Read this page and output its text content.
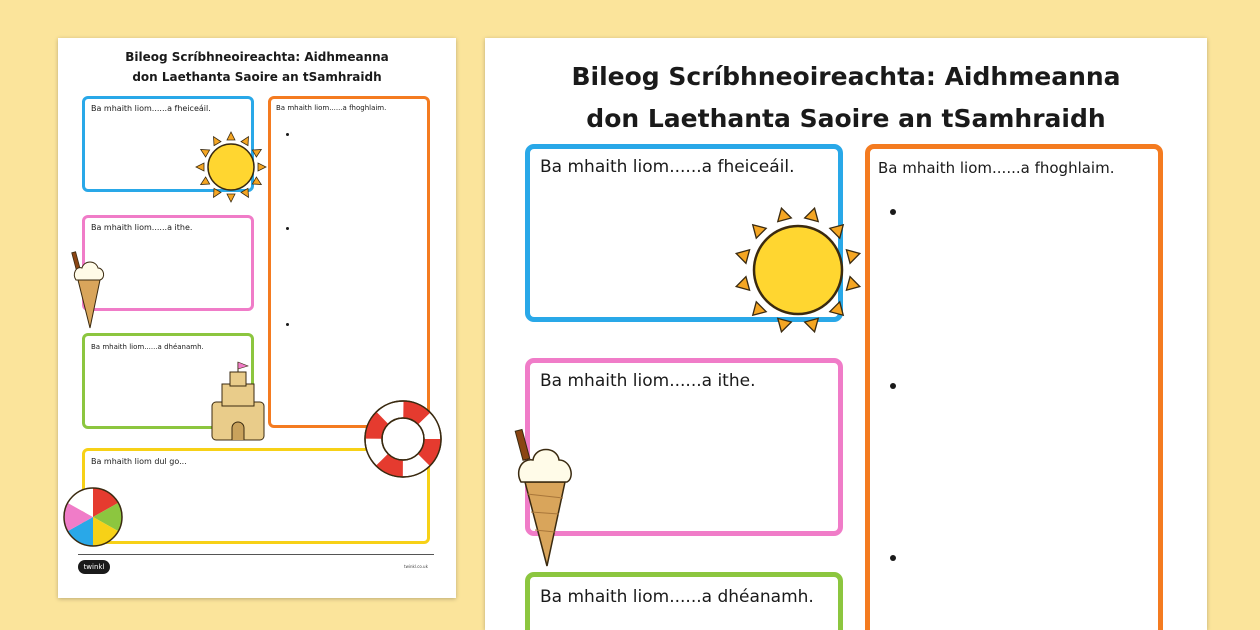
Bileog Scríbhneoireachta: Aidhmeanna
don Laethanta Saoire an tSamhraidh
Ba mhaith liom......a fheiceáil.	Ba mhaith liom......a fhoghlaim.
Ba mhaith liom......a ithe.
Ba mhaith liom......a dhéanamh.
Ba mhaith liom dul go...
twinkl	twinkl.co.uk
Bileog Scríbhneoireachta: Aidhmeanna
don Laethanta Saoire an tSamhraidh
Ba mhaith liom......a fheiceáil.	Ba mhaith liom......a fhoghlaim.
Ba mhaith liom......a ithe.
Ba mhaith liom......a dhéanamh.
